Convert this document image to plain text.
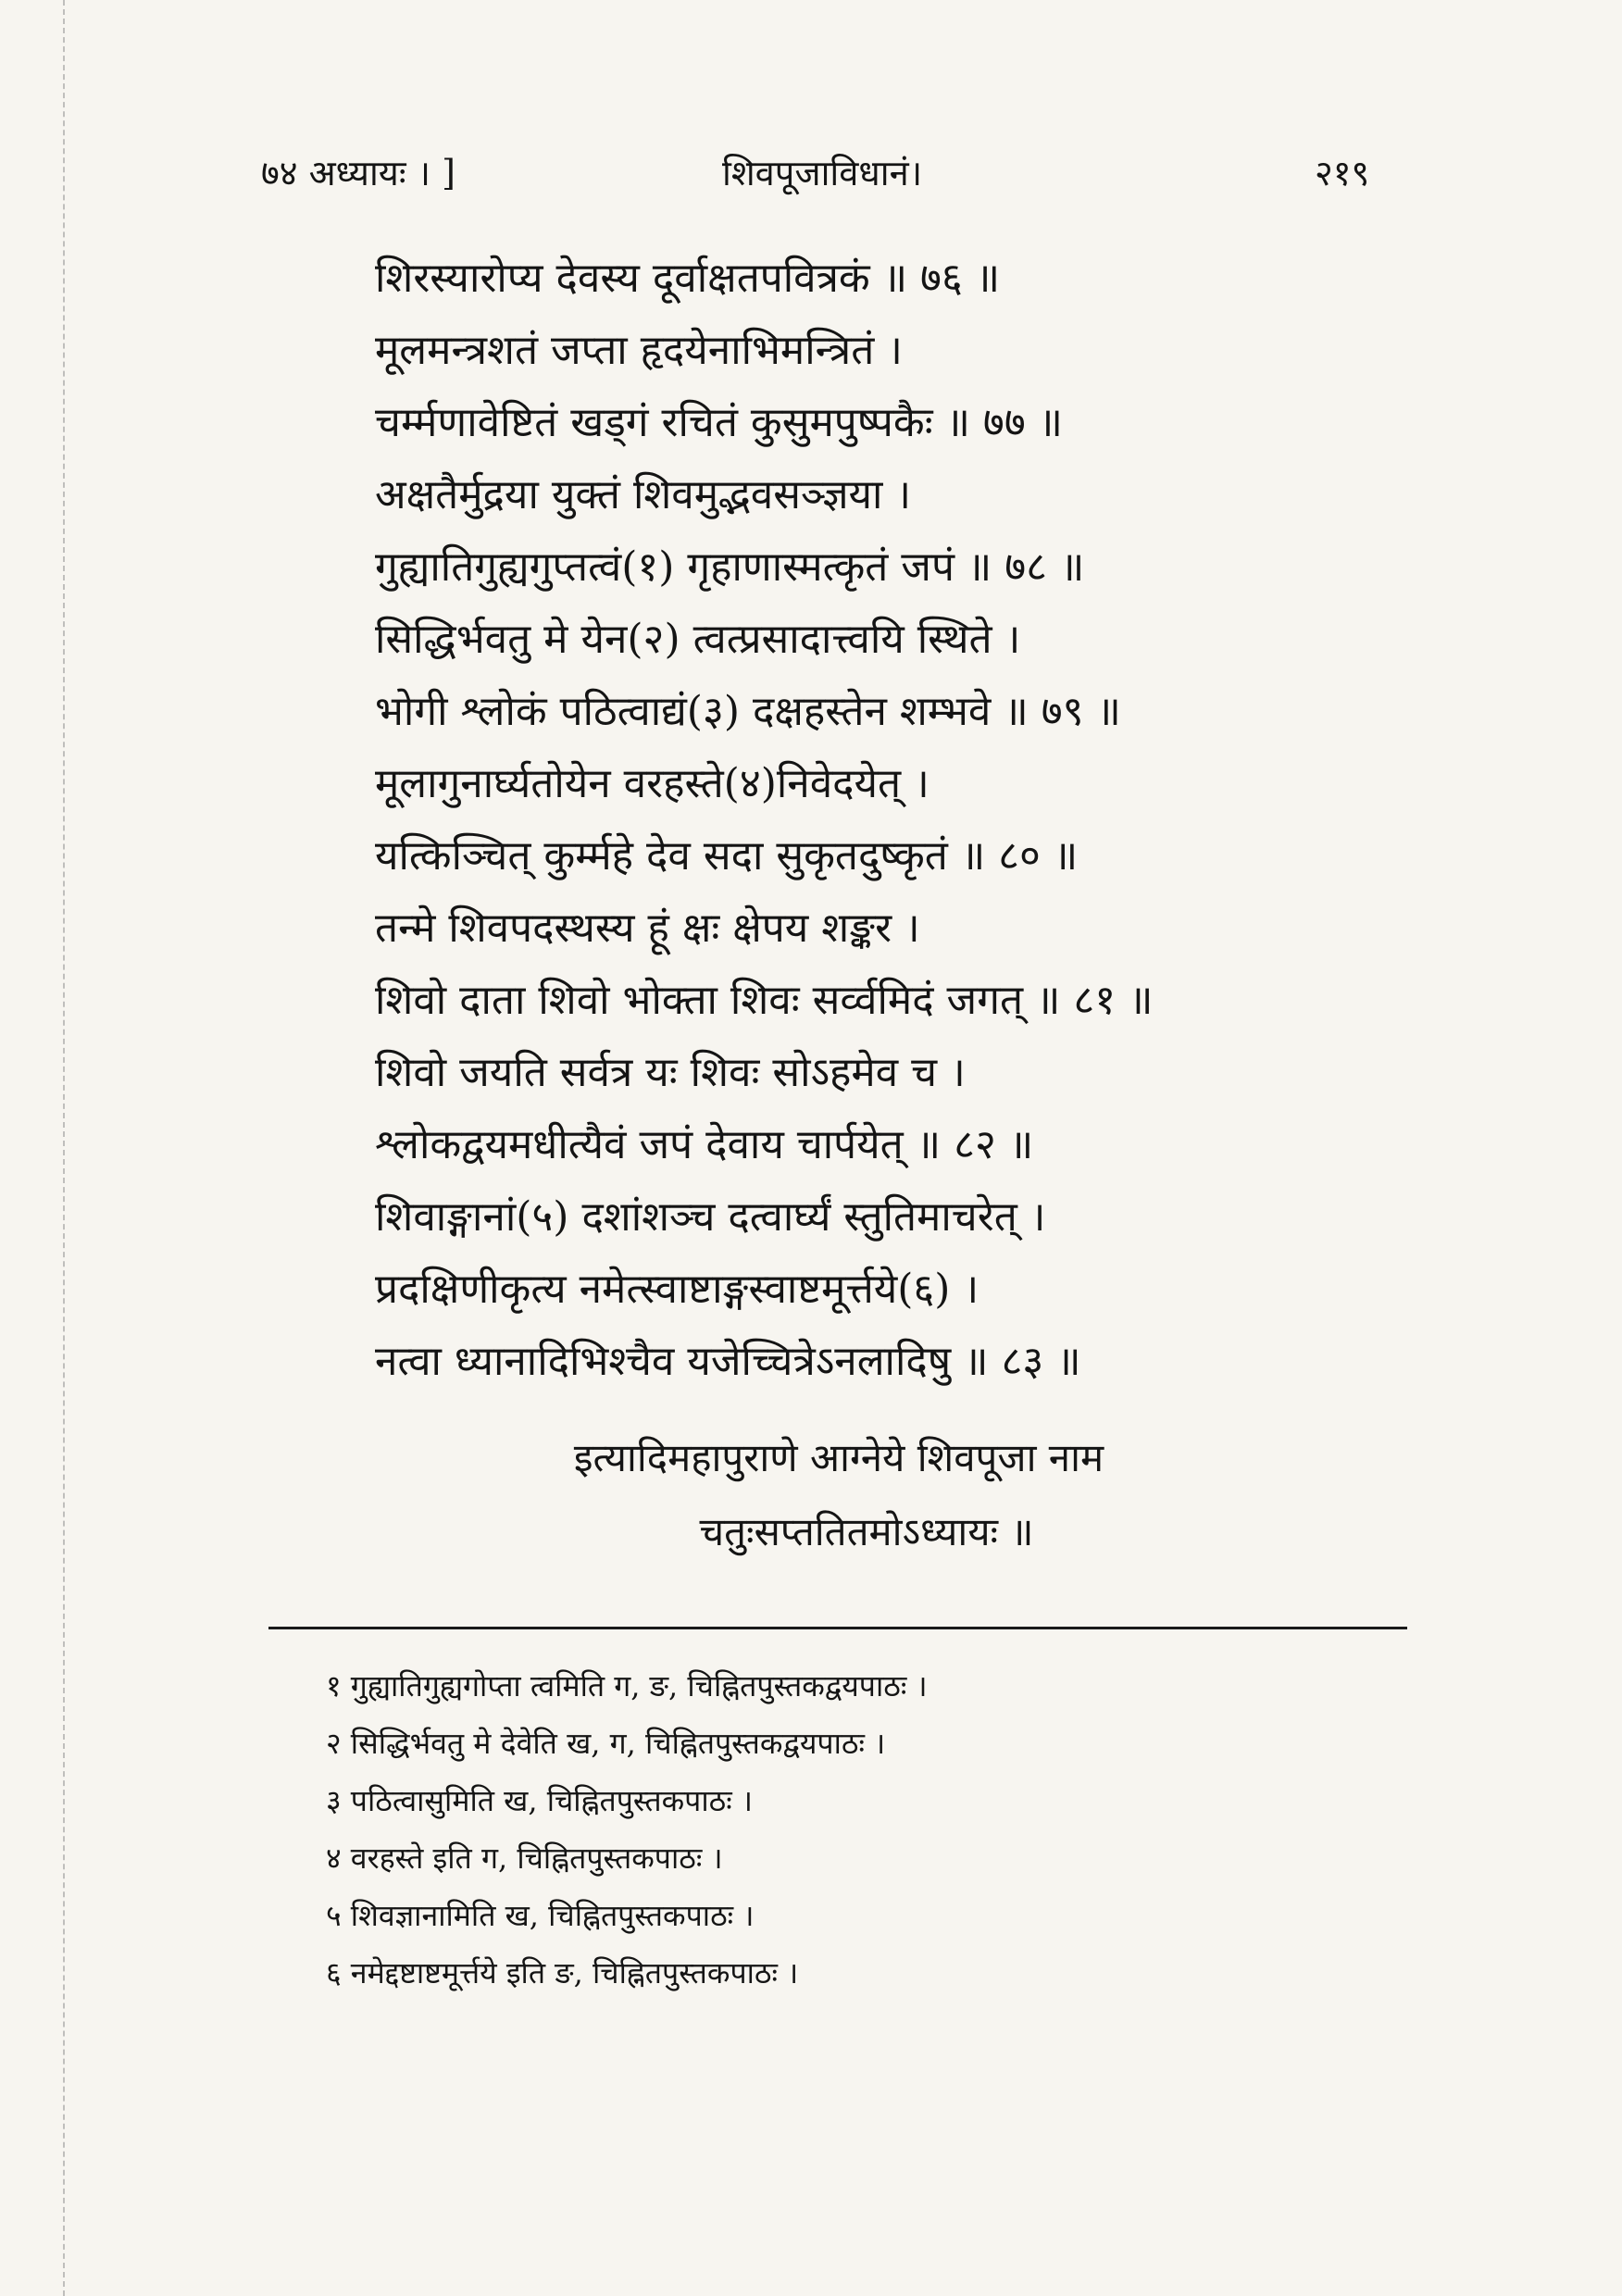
७४ अध्यायः । ]	शिवपूजाविधानं।	२१९
शिरस्यारोप्य देवस्य दूर्वाक्षतपवित्रकं ॥ ७६ ॥
मूलमन्त्रशतं जप्ता हृदयेनाभिमन्त्रितं ।
चर्म्मणावेष्टितं खड्गं रचितं कुसुमपुष्पकैः ॥ ७७ ॥
अक्षतैर्मुद्रया युक्तं शिवमुद्भवसञ्ज्ञया ।
गुह्यातिगुह्यगुप्तत्वं(१) गृहाणास्मत्कृतं जपं ॥ ७८ ॥
सिद्धिर्भवतु मे येन(२) त्वत्प्रसादात्त्वयि स्थिते ।
भोगी श्लोकं पठित्वाद्यं(३) दक्षहस्तेन शम्भवे ॥ ७९ ॥
मूलागुनार्घ्यतोयेन वरहस्ते(४)निवेदयेत् ।
यत्किञ्चित् कुर्म्महे देव सदा सुकृतदुष्कृतं ॥ ८० ॥
तन्मे शिवपदस्थस्य हूं क्षः क्षेपय शङ्कर ।
शिवो दाता शिवो भोक्ता शिवः सर्व्वमिदं जगत् ॥ ८१ ॥
शिवो जयति सर्वत्र यः शिवः सोऽहमेव च ।
श्लोकद्वयमधीत्यैवं जपं देवाय चार्पयेत् ॥ ८२ ॥
शिवाङ्गानां(५) दशांशञ्च दत्वार्घ्यं स्तुतिमाचरेत् ।
प्रदक्षिणीकृत्य नमेत्स्वाष्टाङ्गस्वाष्टमूर्त्तये(६) ।
नत्वा ध्यानादिभिश्चैव यजेच्चित्रेऽनलादिषु ॥ ८३ ॥
इत्यादिमहापुराणे आग्नेये शिवपूजा नाम
चतुःसप्ततितमोऽध्यायः ॥
१ गुह्यातिगुह्यगोप्ता त्वमिति ग, ङ, चिह्नितपुस्तकद्वयपाठः ।
२ सिद्धिर्भवतु मे देवेति ख, ग, चिह्नितपुस्तकद्वयपाठः ।
३ पठित्वासुमिति ख, चिह्नितपुस्तकपाठः ।
४ वरहस्ते इति ग, चिह्नितपुस्तकपाठः ।
५ शिवज्ञानामिति ख, चिह्नितपुस्तकपाठः ।
६ नमेद्दष्टाष्टमूर्त्तये इति ङ, चिह्नितपुस्तकपाठः ।
